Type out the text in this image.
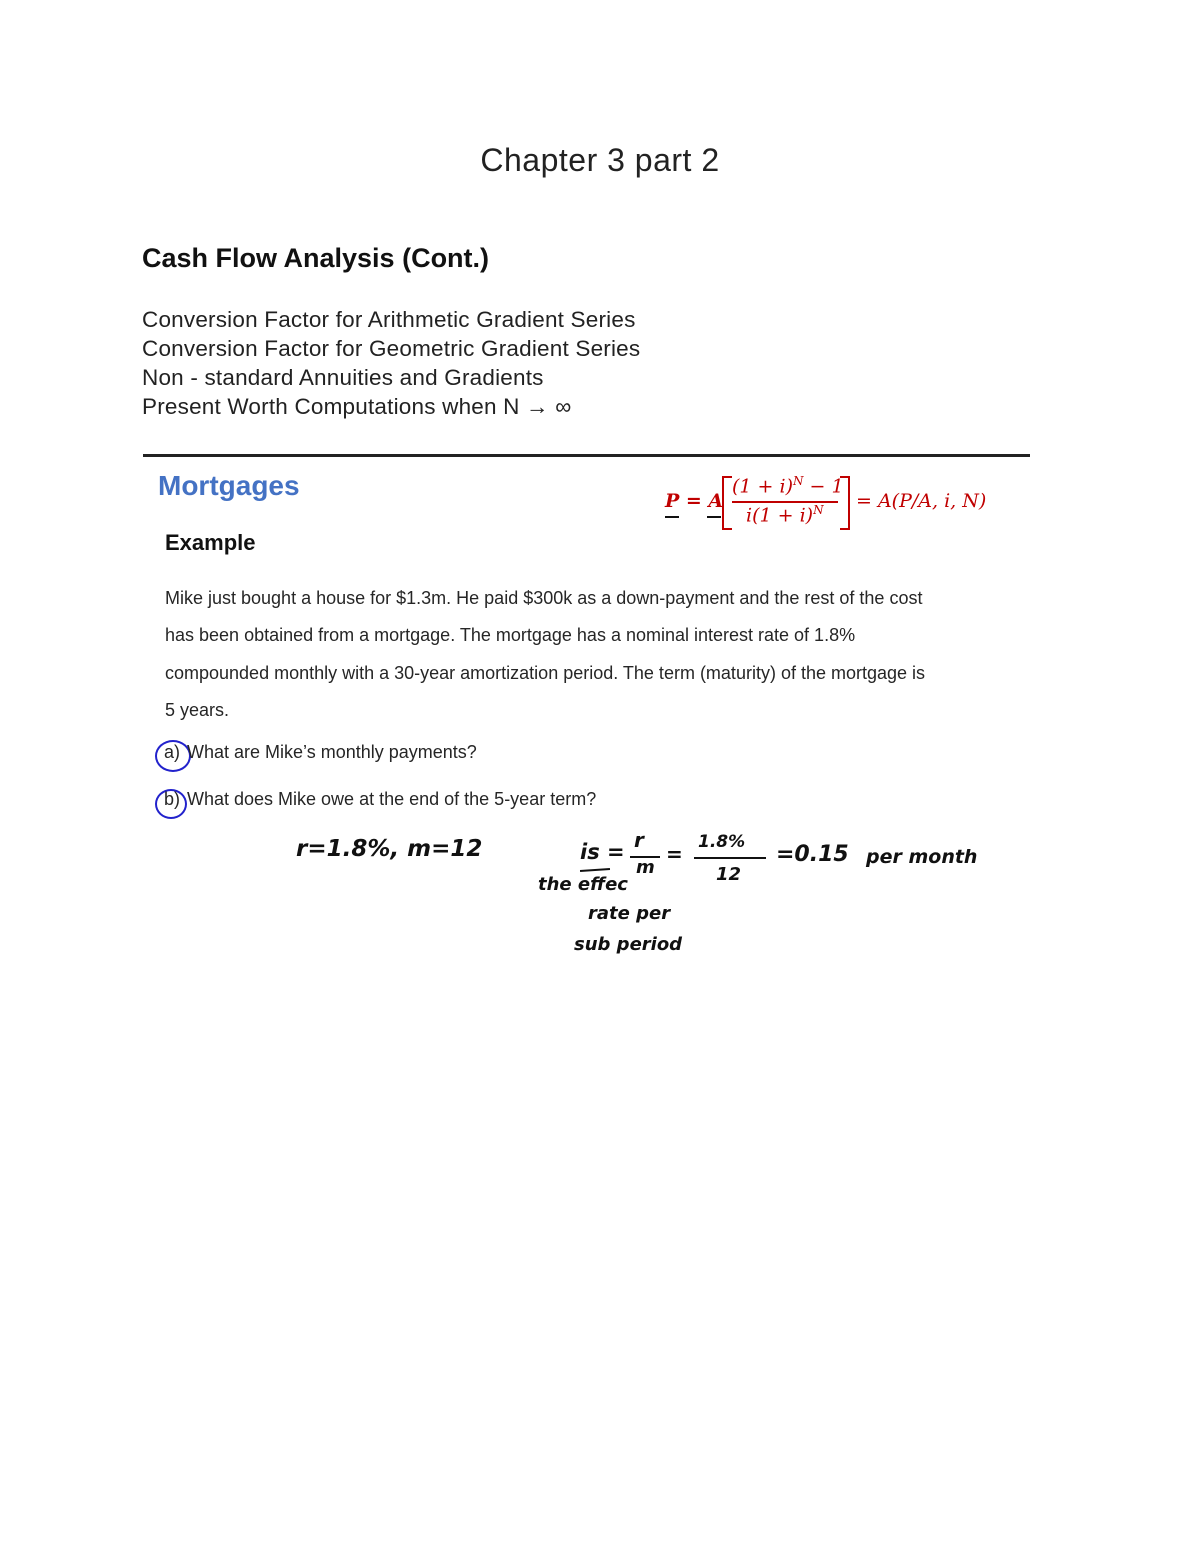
Chapter 3 part 2
Cash Flow Analysis (Cont.)
Conversion Factor for Arithmetic Gradient Series
Conversion Factor for Geometric Gradient Series
Non - standard Annuities and Gradients
Present Worth Computations when N → ∞
Mortgages	P = A
$(1 + i)^N - 1$
$i(1 + i)^N = A(P/A$, i, N)
Example
Mike just bought a house for $1.3m. He paid $300k as a down-payment and the rest of the cost
has been obtained from a mortgage. The mortgage has a nominal interest rate of 1.8%
compounded monthly with a 30-year amortization period. The term (maturity) of the mortgage is
5 years.
a) What are Mike’s monthly payments?
b) What does Mike owe at the end of the 5-year term?
r=1.8%, m=12	is = r
m
= 1.8%
12
=0.15 per month
the effec
rate per
sub period
